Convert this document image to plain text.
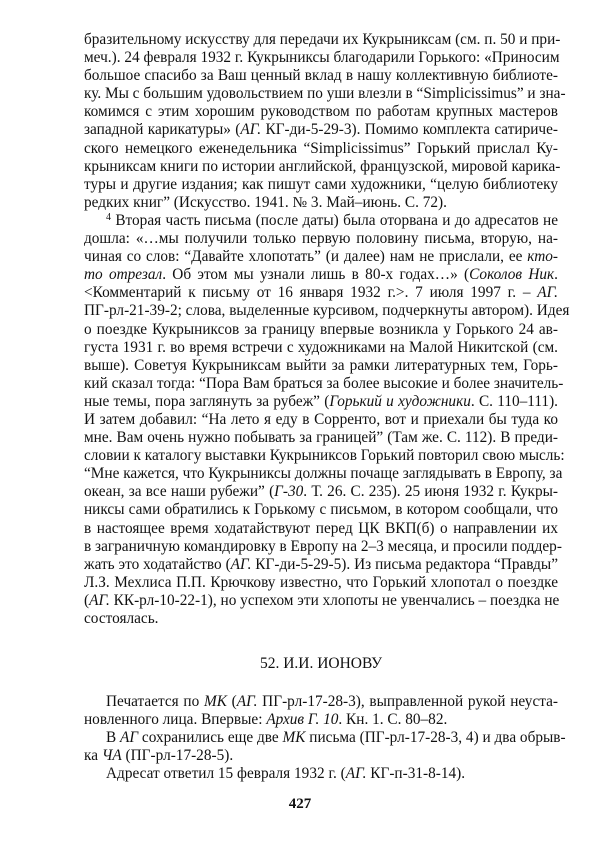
бразительному искусству для передачи их Кукрыниксам (см. п. 50 и при-
меч.). 24 февраля 1932 г. Кукрыниксы благодарили Горького: «Приносим
большое спасибо за Ваш ценный вклад в нашу коллективную библиоте-
ку. Мы с большим удовольствием по уши влезли в “Simplicissimus” и зна-
комимся с этим хорошим руководством по работам крупных мастеров
западной карикатуры» (АГ. КГ-ди-5-29-3). Помимо комплекта сатириче-
ского немецкого еженедельника “Simplicissimus” Горький прислал Ку-
крыниксам книги по истории английской, французской, мировой карика-
туры и другие издания; как пишут сами художники, “целую библиотеку
редких книг” (Искусство. 1941. № 3. Май–июнь. С. 72).
$^4$ Вторая часть письма (после даты) была оторвана и до адресатов не
дошла: «…мы получили только первую половину письма, вторую, на-
чиная со слов: “Давайте хлопотать” (и далее) нам не прислали, ее кто-
то отрезал. Об этом мы узнали лишь в 80-х годах…» (Соколов Ник.
<Комментарий к письму от 16 января 1932 г.>. 7 июля 1997 г. – АГ.
ПГ-рл-21-39-2; слова, выделенные курсивом, подчеркнуты автором). Идея
о поездке Кукрыниксов за границу впервые возникла у Горького 24 ав-
густа 1931 г. во время встречи с художниками на Малой Никитской (см.
выше). Советуя Кукрыниксам выйти за рамки литературных тем, Горь-
кий сказал тогда: “Пора Вам браться за более высокие и более значитель-
ные темы, пора заглянуть за рубеж” (Горький и художники. С. 110–111).
И затем добавил: “На лето я еду в Сорренто, вот и приехали бы туда ко
мне. Вам очень нужно побывать за границей” (Там же. С. 112). В преди-
словии к каталогу выставки Кукрыниксов Горький повторил свою мысль:
“Мне кажется, что Кукрыниксы должны почаще заглядывать в Европу, за
океан, за все наши рубежи” (Г-30. Т. 26. С. 235). 25 июня 1932 г. Кукры-
никсы сами обратились к Горькому с письмом, в котором сообщали, что
в настоящее время ходатайствуют перед ЦК ВКП(б) о направлении их
в заграничную командировку в Европу на 2–3 месяца, и просили поддер-
жать это ходатайство (АГ. КГ-ди-5-29-5). Из письма редактора “Правды”
Л.З. Мехлиса П.П. Крючкову известно, что Горький хлопотал о поездке
(АГ. КК-рл-10-22-1), но успехом эти хлопоты не увенчались – поездка не
состоялась.
52. И.И. ИОНОВУ
Печатается по МК (АГ. ПГ-рл-17-28-3), выправленной рукой неуста-
новленного лица. Впервые: Архив Г. 10. Кн. 1. С. 80–82.
В АГ сохранились еще две МК письма (ПГ-рл-17-28-3, 4) и два обрыв-
ка ЧА (ПГ-рл-17-28-5).
Адресат ответил 15 февраля 1932 г. (АГ. КГ-п-31-8-14).
427
